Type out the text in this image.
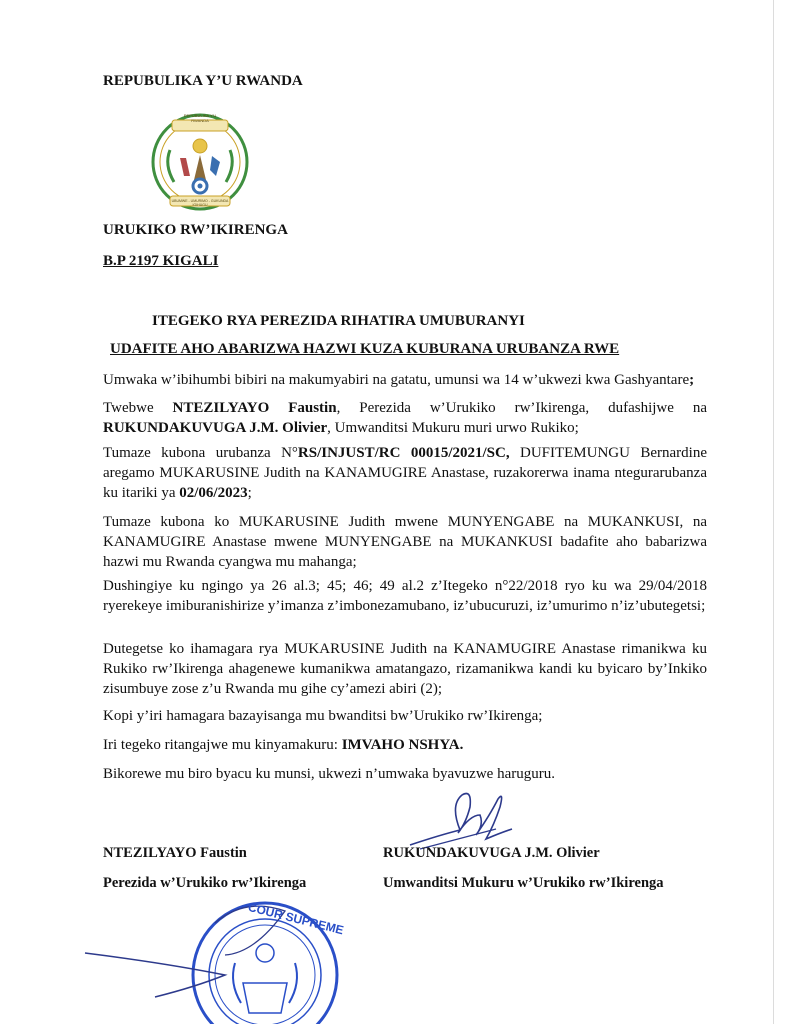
REPUBULIKA Y’U RWANDA
REPUBULIKA Y'U RWANDA
UBUMWE - UMURIMO - GUKUNDA IGIHUGU
URUKIKO RW’IKIRENGA
B.P 2197 KIGALI
ITEGEKO RYA PEREZIDA RIHATIRA UMUBURANYI
UDAFITE AHO ABARIZWA HAZWI KUZA KUBURANA URUBANZA RWE
Umwaka w’ibihumbi bibiri na makumyabiri na gatatu, umunsi wa 14 w’ukwezi kwa Gashyantare;
Twebwe NTEZILYAYO Faustin, Perezida w’Urukiko rw’Ikirenga, dufashijwe na RUKUNDAKUVUGA J.M. Olivier, Umwanditsi Mukuru muri urwo Rukiko;
Tumaze kubona urubanza N°RS/INJUST/RC 00015/2021/SC, DUFITEMUNGU Bernardine aregamo MUKARUSINE Judith na KANAMUGIRE Anastase, ruzakorerwa inama ntegurarubanza ku itariki ya 02/06/2023;
Tumaze kubona ko MUKARUSINE Judith mwene MUNYENGABE na MUKANKUSI, na KANAMUGIRE Anastase mwene MUNYENGABE na MUKANKUSI badafite aho babarizwa hazwi mu Rwanda cyangwa mu mahanga;
Dushingiye ku ngingo ya 26 al.3; 45; 46; 49 al.2 z’Itegeko n°22/2018 ryo ku wa 29/04/2018 ryerekeye imiburanishirize y’imanza z’imbonezamubano, iz’ubucuruzi, iz’umurimo n’iz’ubutegetsi;
Dutegetse ko ihamagara rya MUKARUSINE Judith na KANAMUGIRE Anastase rimanikwa ku Rukiko rw’Ikirenga ahagenewe kumanikwa amatangazo, rizamanikwa kandi ku byicaro by’Inkiko zisumbuye zose z’u Rwanda mu gihe cy’amezi abiri (2);
Kopi y’iri hamagara bazayisanga mu bwanditsi bw’Urukiko rw’Ikirenga;
Iri tegeko ritangajwe mu kinyamakuru: IMVAHO NSHYA.
Bikorewe mu biro byacu ku munsi, ukwezi n’umwaka byavuzwe haruguru.
NTEZILYAYO Faustin
Perezida w’Urukiko rw’Ikirenga
RUKUNDAKUVUGA J.M. Olivier
Umwanditsi Mukuru w’Urukiko rw’Ikirenga
COUR SUPREME
